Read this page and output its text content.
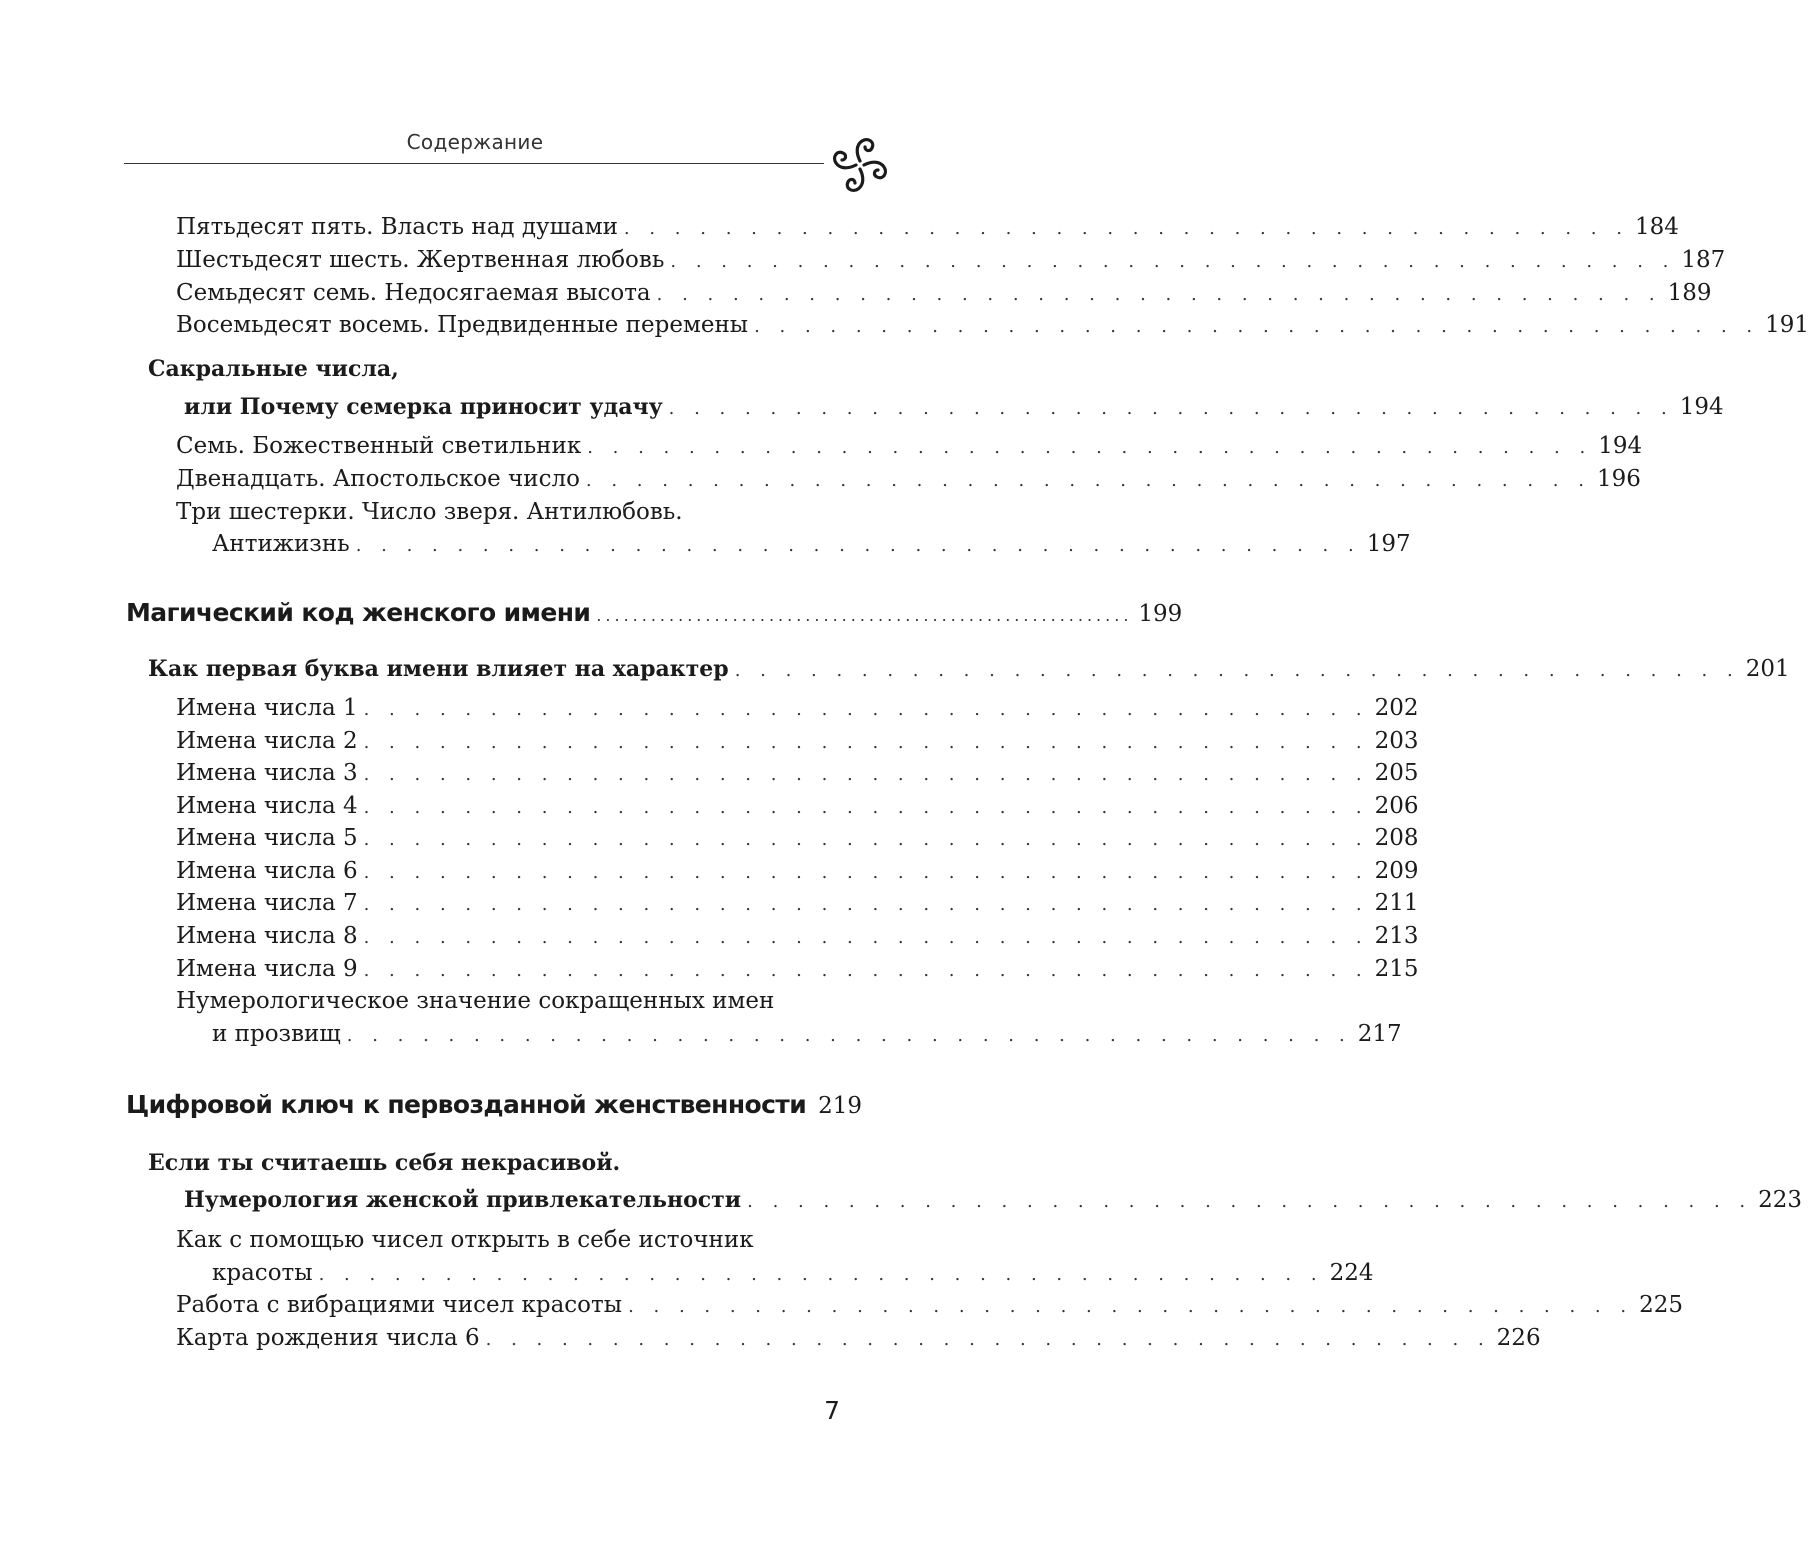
Содержание
Пятьдесят пять. Власть над душами . . . . . . . . . . . . . . . . . . . . . . . . . . . . . . . . . . . . . . . . 184
Шестьдесят шесть. Жертвенная любовь . . . . . . . . . . . . . . . . . . . . . . . . . . . . . . . . . . . . . . . . 187
Семьдесят семь. Недосягаемая высота . . . . . . . . . . . . . . . . . . . . . . . . . . . . . . . . . . . . . . . . 189
Восемьдесят восемь. Предвиденные перемены . . . . . . . . . . . . . . . . . . . . . . . . . . . . . . . . . . . . . . . . 191
Сакральные числа,
или Почему семерка приносит удачу . . . . . . . . . . . . . . . . . . . . . . . . . . . . . . . . . . . . . . . . 194
Семь. Божественный светильник . . . . . . . . . . . . . . . . . . . . . . . . . . . . . . . . . . . . . . . . 194
Двенадцать. Апостольское число . . . . . . . . . . . . . . . . . . . . . . . . . . . . . . . . . . . . . . . . 196
Три шестерки. Число зверя. Антилюбовь.
Антижизнь . . . . . . . . . . . . . . . . . . . . . . . . . . . . . . . . . . . . . . . . 197
Магический код женского имени ........................................................... 199
Как первая буква имени влияет на характер . . . . . . . . . . . . . . . . . . . . . . . . . . . . . . . . . . . . . . . . 201
Имена числа 1 . . . . . . . . . . . . . . . . . . . . . . . . . . . . . . . . . . . . . . . . 202
Имена числа 2 . . . . . . . . . . . . . . . . . . . . . . . . . . . . . . . . . . . . . . . . 203
Имена числа 3 . . . . . . . . . . . . . . . . . . . . . . . . . . . . . . . . . . . . . . . . 205
Имена числа 4 . . . . . . . . . . . . . . . . . . . . . . . . . . . . . . . . . . . . . . . . 206
Имена числа 5 . . . . . . . . . . . . . . . . . . . . . . . . . . . . . . . . . . . . . . . . 208
Имена числа 6 . . . . . . . . . . . . . . . . . . . . . . . . . . . . . . . . . . . . . . . . 209
Имена числа 7 . . . . . . . . . . . . . . . . . . . . . . . . . . . . . . . . . . . . . . . . 211
Имена числа 8 . . . . . . . . . . . . . . . . . . . . . . . . . . . . . . . . . . . . . . . . 213
Имена числа 9 . . . . . . . . . . . . . . . . . . . . . . . . . . . . . . . . . . . . . . . . 215
Нумерологическое значение сокращенных имен
и прозвищ . . . . . . . . . . . . . . . . . . . . . . . . . . . . . . . . . . . . . . . . 217
Цифровой ключ к первозданной женственности 219
Если ты считаешь себя некрасивой.
Нумерология женской привлекательности . . . . . . . . . . . . . . . . . . . . . . . . . . . . . . . . . . . . . . . . 223
Как с помощью чисел открыть в себе источник
красоты . . . . . . . . . . . . . . . . . . . . . . . . . . . . . . . . . . . . . . . . 224
Работа с вибрациями чисел красоты . . . . . . . . . . . . . . . . . . . . . . . . . . . . . . . . . . . . . . . . 225
Карта рождения числа 6 . . . . . . . . . . . . . . . . . . . . . . . . . . . . . . . . . . . . . . . . 226
7
